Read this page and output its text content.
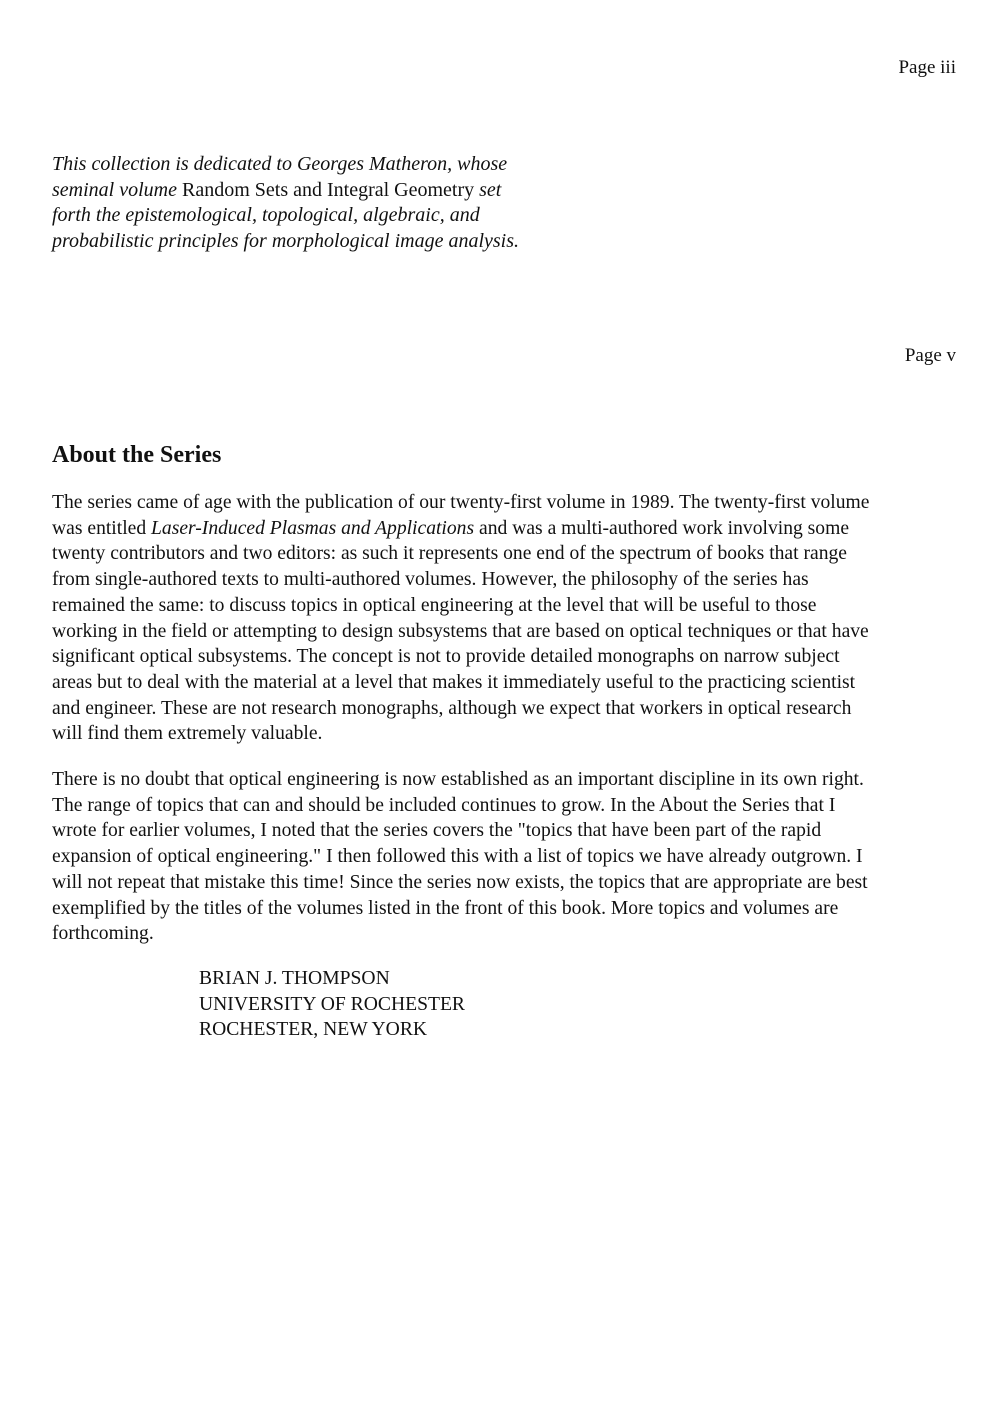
Page iii
This collection is dedicated to Georges Matheron, whose
seminal volume Random Sets and Integral Geometry set
forth the epistemological, topological, algebraic, and
probabilistic principles for morphological image analysis.
Page v
About the Series
The series came of age with the publication of our twenty-first volume in 1989. The twenty-first volume
was entitled Laser-Induced Plasmas and Applications and was a multi-authored work involving some
twenty contributors and two editors: as such it represents one end of the spectrum of books that range
from single-authored texts to multi-authored volumes. However, the philosophy of the series has
remained the same: to discuss topics in optical engineering at the level that will be useful to those
working in the field or attempting to design subsystems that are based on optical techniques or that have
significant optical subsystems. The concept is not to provide detailed monographs on narrow subject
areas but to deal with the material at a level that makes it immediately useful to the practicing scientist
and engineer. These are not research monographs, although we expect that workers in optical research
will find them extremely valuable.
There is no doubt that optical engineering is now established as an important discipline in its own right.
The range of topics that can and should be included continues to grow. In the About the Series that I
wrote for earlier volumes, I noted that the series covers the "topics that have been part of the rapid
expansion of optical engineering." I then followed this with a list of topics we have already outgrown. I
will not repeat that mistake this time! Since the series now exists, the topics that are appropriate are best
exemplified by the titles of the volumes listed in the front of this book. More topics and volumes are
forthcoming.
BRIAN J. THOMPSON
UNIVERSITY OF ROCHESTER
ROCHESTER, NEW YORK
